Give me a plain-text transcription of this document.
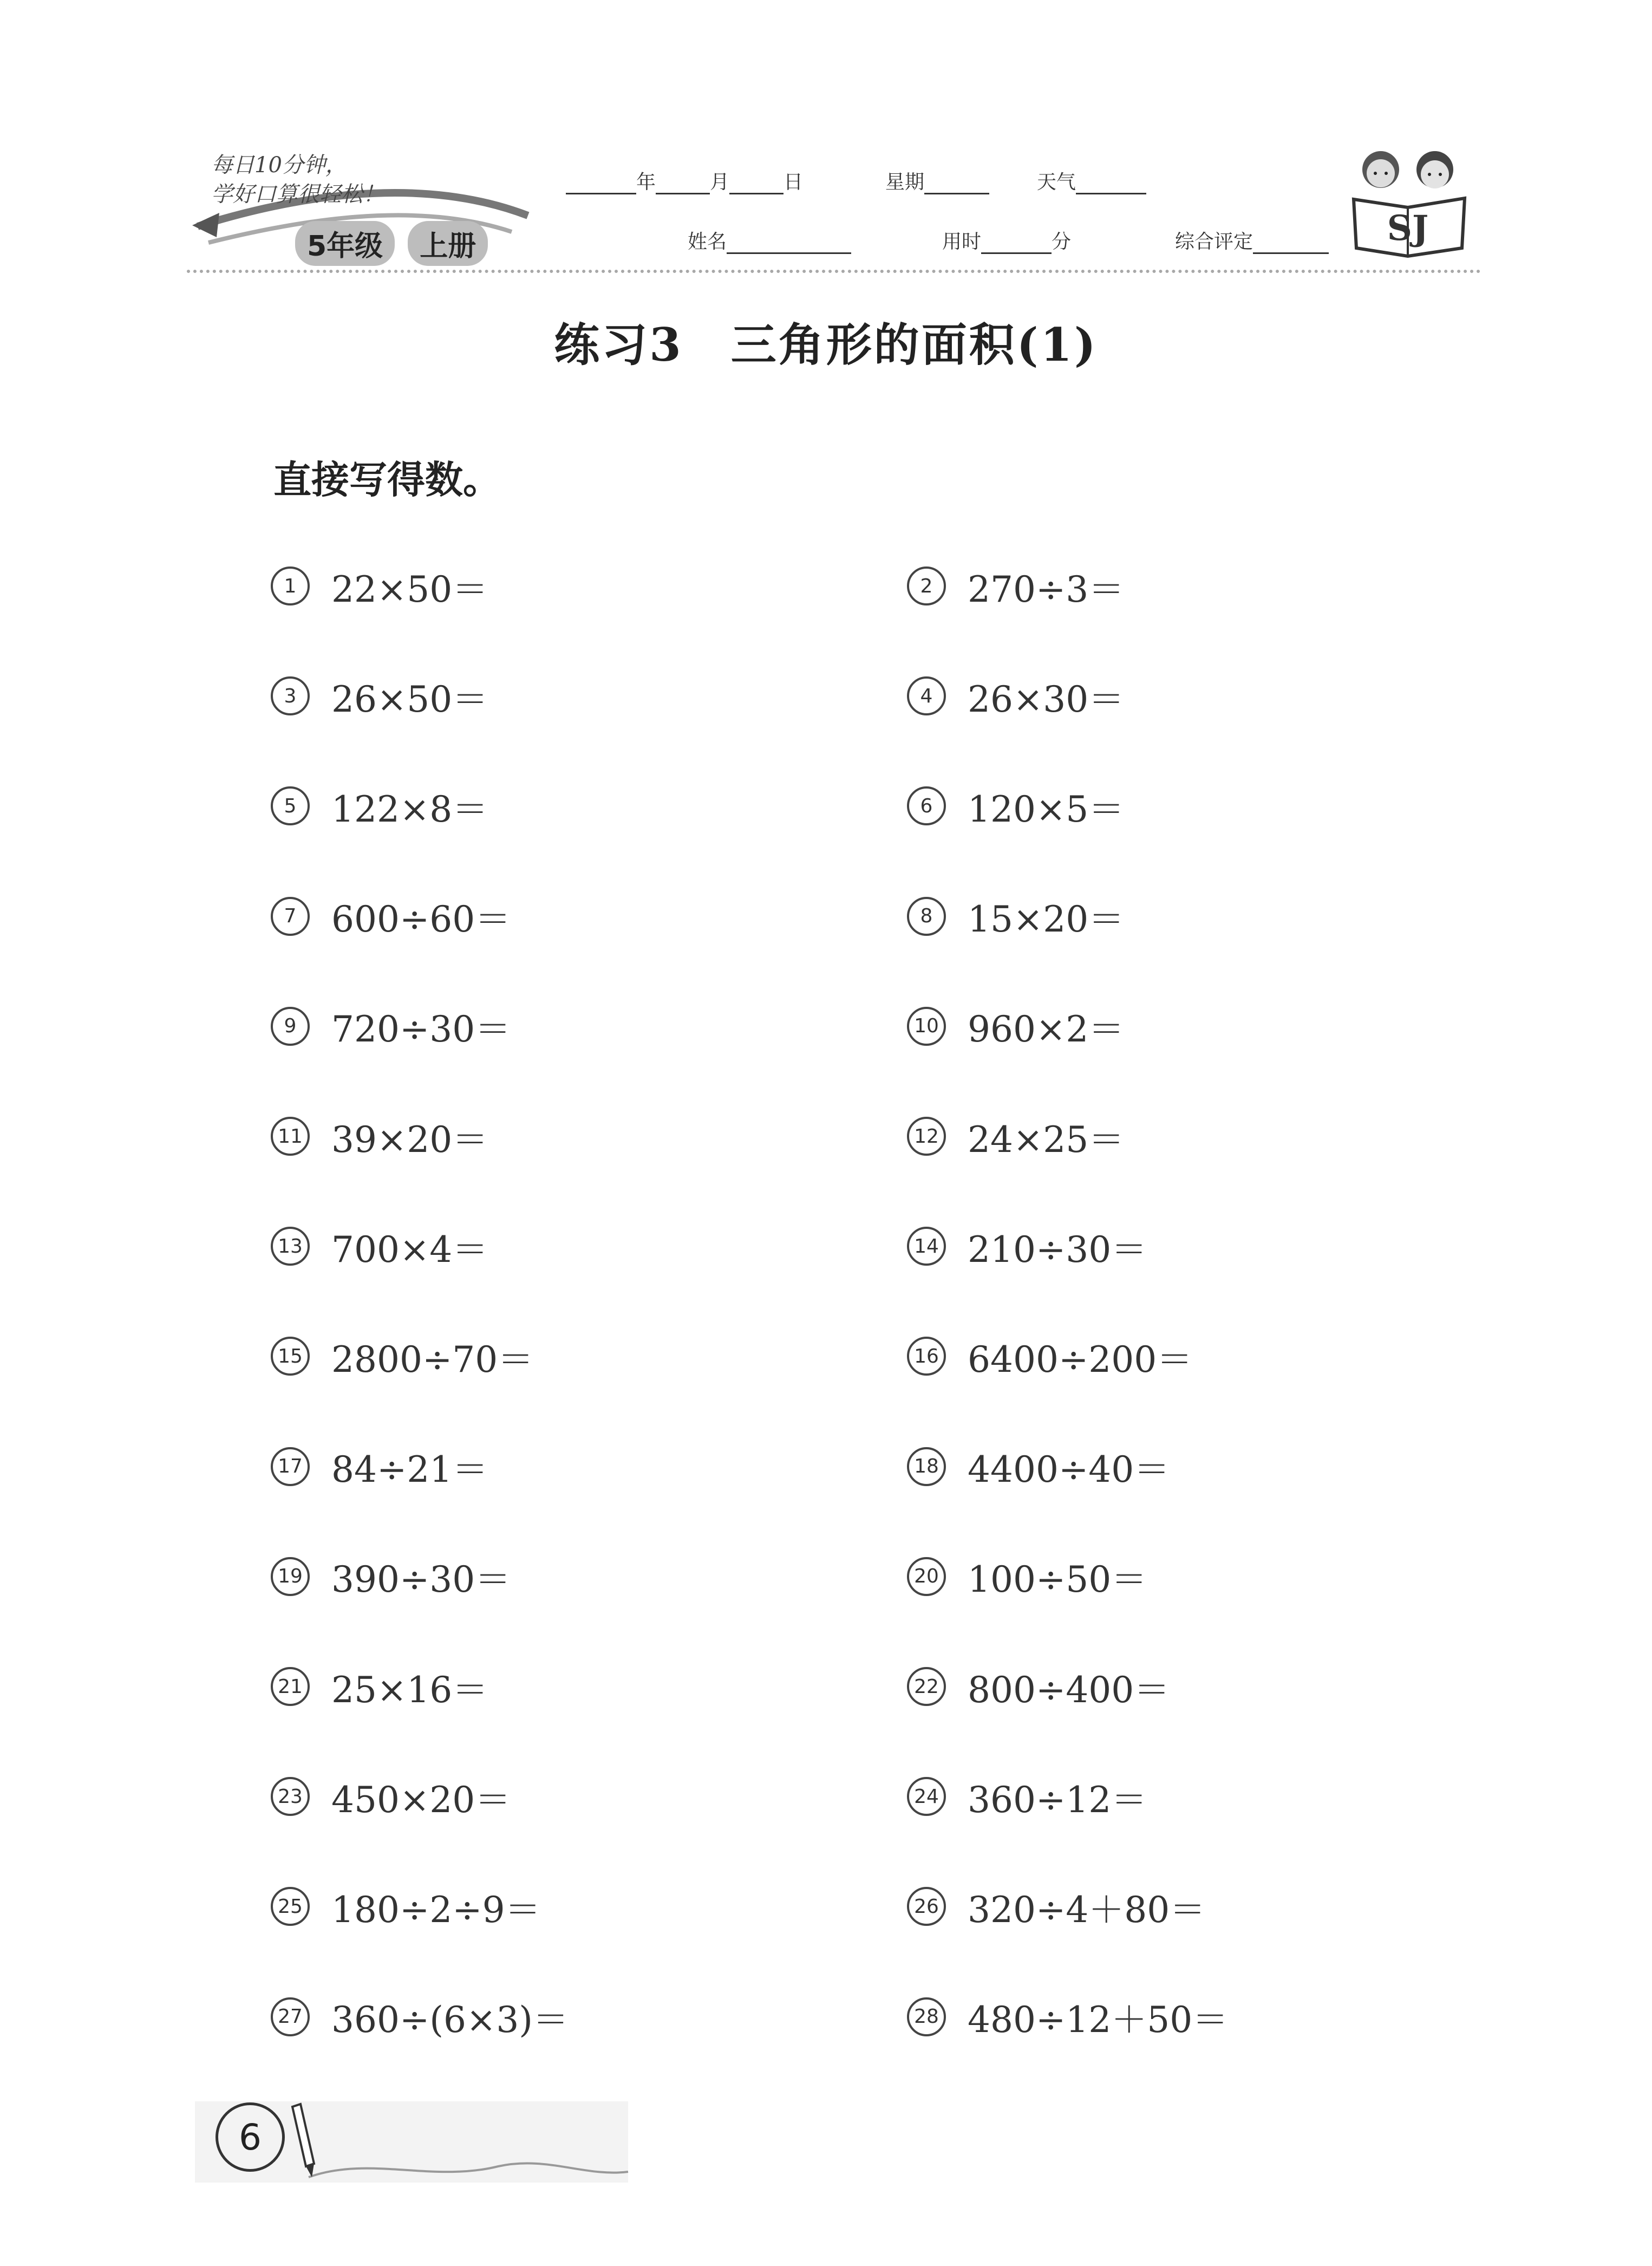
每日10分钟，
学好口算很轻松！
5年级	上册
年	月	日	星期	天气
姓名	用时	分	综合评定	SJ
练习3　三角形的面积(1)
直接写得数。
1 22×50＝	2 270÷3＝
3 26×50＝	4 26×30＝
5 122×8＝	6 120×5＝
7 600÷60＝	8 15×20＝
9 720÷30＝	10 960×2＝
11 39×20＝	12 24×25＝
13 700×4＝	14 210÷30＝
15 2800÷70＝	16 6400÷200＝
17 84÷21＝	18 4400÷40＝
19 390÷30＝	20 100÷50＝
21 25×16＝	22 800÷400＝
23 450×20＝	24 360÷12＝
25 180÷2÷9＝	26 320÷4＋80＝
27 360÷(6×3)＝	28 480÷12＋50＝
6
